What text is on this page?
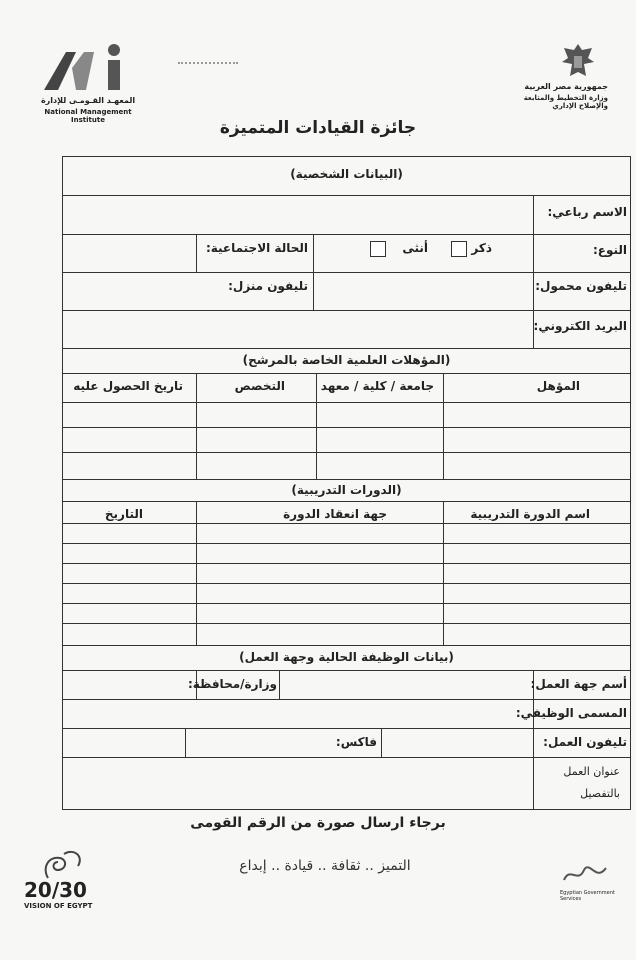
المعهـد القـومـى للإدارة
National Management Institute
جمهورية مصر العربية
وزارة التخطيط والمتابعة والإصلاح الإداري
جائزة القيادات المتميزة
(البيانات الشخصية)
الاسم رباعي:
النوع:
ذكر
أنثى
الحالة الاجتماعية:
تليفون محمول:
تليفون منزل:
البريد الكتروني:
(المؤهلات العلمية الخاصة بالمرشح)
المؤهل
جامعة / كلية / معهد
التخصص
تاريخ الحصول عليه
(الدورات التدريبية)
اسم الدورة التدريبية
جهة انعقاد الدورة
التاريخ
(بيانات الوظيفة الحالية وجهة العمل)
أسم جهة العمل:
وزارة/محافظة:
المسمى الوظيفي:
تليفون العمل:
فاكس:
عنوان العمل
بالتفصيل
برجاء ارسال صورة من الرقم القومى
20/30
VISION OF EGYPT
التميز .. ثقافة .. قيادة .. إبداع
Egyptian Government Services
